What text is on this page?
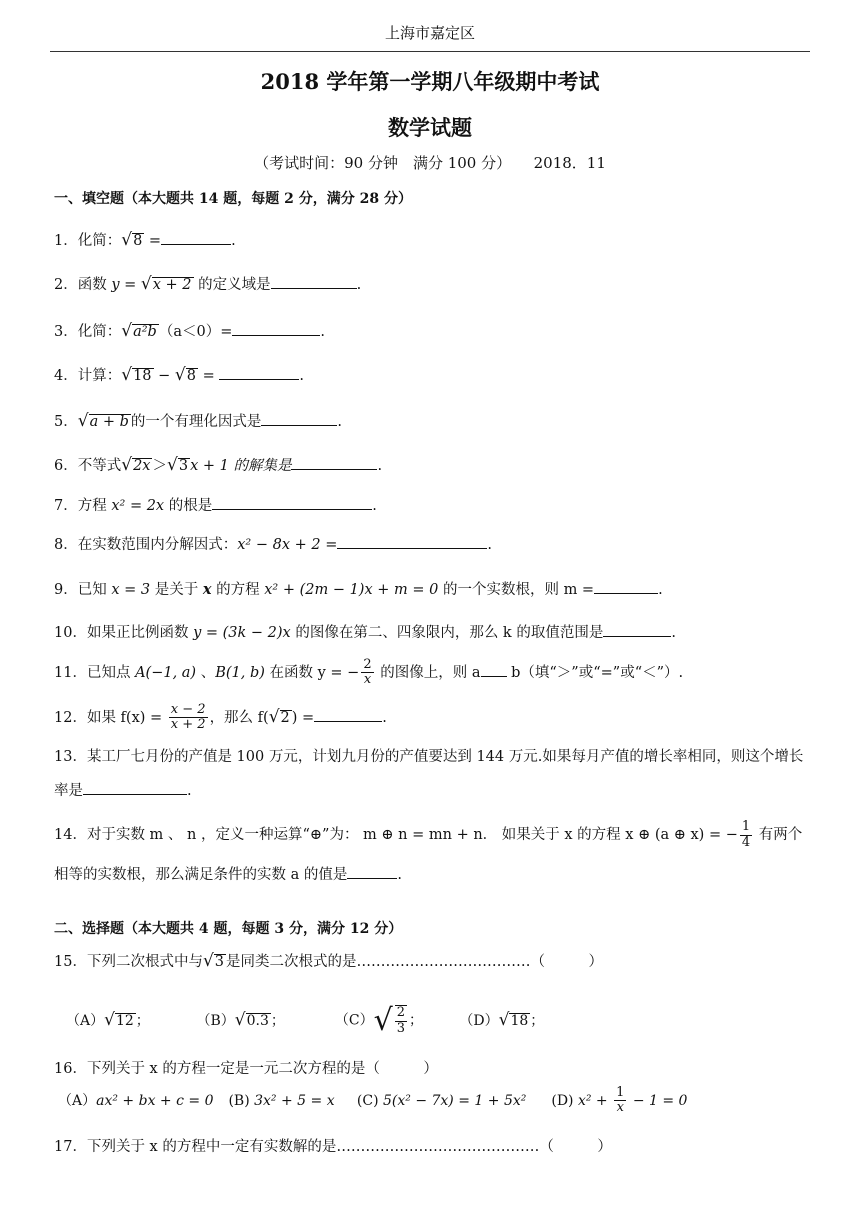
上海市嘉定区
2018 学年第一学期八年级期中考试
数学试题
（考试时间：90 分钟　满分 100 分）　　2018．11
一、填空题（本大题共 14 题，每题 2 分，满分 28 分）
1．化简：√8 =	.
2．函数 y = √x + 2 的定义域是	.
3．化简：√a²b （a＜0）=	.
4．计算：√18 − √8 =	.
5．√a + b 的一个有理化因式是	.
6．不等式√2x ＞√3 x + 1 的解集是	.
7．方程 x² = 2x 的根是	.
8．在实数范围内分解因式：x² − 8x + 2 =	.
9．已知 x = 3 是关于 x 的方程 x² + (2m − 1)x + m = 0 的一个实数根，则 m =	.
10．如果正比例函数 y = (3k − 2)x 的图像在第二、四象限内，那么 k 的取值范围是	.
11．已知点 A(−1, a) 、B(1, b) 在函数 y = − $\frac{2}{x}$ 的图像上，则 a b（填“＞”或“=”或“＜”）.
12．如果 $f(x) = \frac{x - 2}{x + 2}$ ，那么 f(√2 ) =	.
13．某工厂七月份的产值是 100 万元，计划九月份的产值要达到 144 万元.如果每月产值的增长率相同，则这个增长率是	.
14．对于实数 m 、 n ，定义一种运算“⊕”为： m ⊕ n = mn + n． 如果关于 x 的方程 x ⊕ (a ⊕ x) = − $\frac{1}{4}$ 有两个相等的实数根，那么满足条件的实数 a 的值是	.
二、选择题（本大题共 4 题，每题 3 分，满分 12 分）
15．下列二次根式中与√3 是同类二次根式的是………………………………（　　　）
（A）√12 ；	（B）√0.3 ；	$(C)√ \frac{2}{3}$ ；	（D）√18 ；
16．下列关于 x 的方程一定是一元二次方程的是（　　　）
（A）ax² + bx + c = 0 (B) 3x² + 5 = x (C) 5(x² − 7x) = 1 + 5x² (D) $x^2 + \frac{1}{x} - 1 = 0$
17．下列关于 x 的方程中一定有实数解的是……………………………………（　　　）
